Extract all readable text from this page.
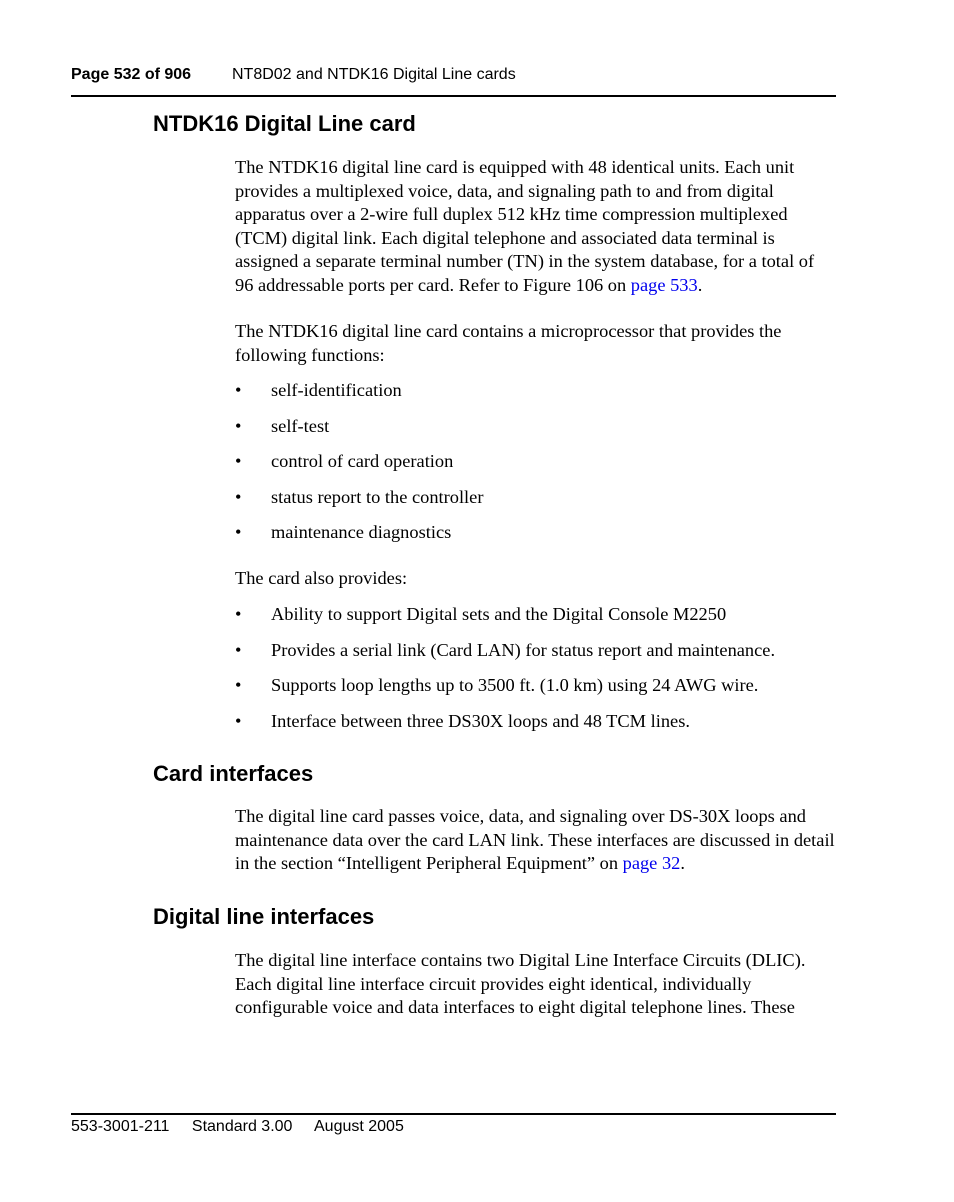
Page 532 of 906	NT8D02 and NTDK16 Digital Line cards
NTDK16 Digital Line card

The NTDK16 digital line card is equipped with 48 identical units. Each unit provides a multiplexed voice, data, and signaling path to and from digital apparatus over a 2-wire full duplex 512 kHz time compression multiplexed (TCM) digital link. Each digital telephone and associated data terminal is assigned a separate terminal number (TN) in the system database, for a total of 96 addressable ports per card. Refer to Figure 106 on page 533.

The NTDK16 digital line card contains a microprocessor that provides the following functions:

• self-identification
• self-test
• control of card operation
• status report to the controller
• maintenance diagnostics

The card also provides:

• Ability to support Digital sets and the Digital Console M2250
• Provides a serial link (Card LAN) for status report and maintenance.
• Supports loop lengths up to 3500 ft. (1.0 km) using 24 AWG wire.
• Interface between three DS30X loops and 48 TCM lines.
Card interfaces

The digital line card passes voice, data, and signaling over DS-30X loops and maintenance data over the card LAN link. These interfaces are discussed in detail in the section “Intelligent Peripheral Equipment” on page 32.

Digital line interfaces

The digital line interface contains two Digital Line Interface Circuits (DLIC). Each digital line interface circuit provides eight identical, individually configurable voice and data interfaces to eight digital telephone lines. These

553-3001-211 Standard 3.00 August 2005
